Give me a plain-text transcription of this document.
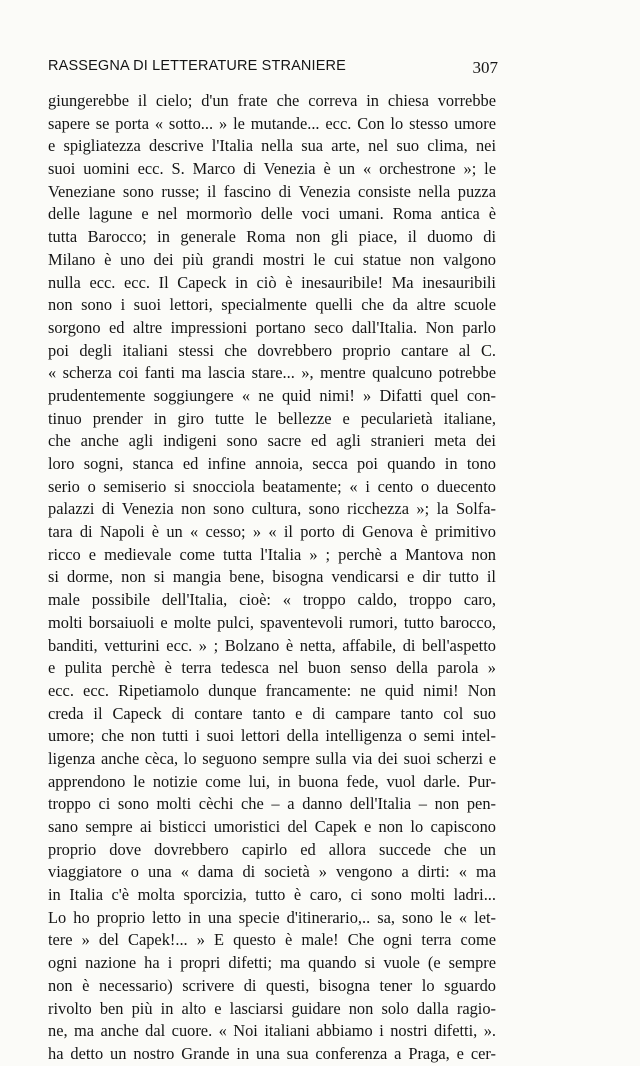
RASSEGNA DI LETTERATURE STRANIERE	307
giungerebbe il cielo; d'un frate che correva in chiesa vorrebbe
sapere se porta « sotto... » le mutande... ecc. Con lo stesso umore
e spigliatezza descrive l'Italia nella sua arte, nel suo clima, nei
suoi uomini ecc. S. Marco di Venezia è un « orchestrone »; le
Veneziane sono russe; il fascino di Venezia consiste nella puzza
delle lagune e nel mormorìo delle voci umani. Roma antica è
tutta Barocco; in generale Roma non gli piace, il duomo di
Milano è uno dei più grandi mostri le cui statue non valgono
nulla ecc. ecc. Il Capeck in ciò è inesauribile! Ma inesauribili
non sono i suoi lettori, specialmente quelli che da altre scuole
sorgono ed altre impressioni portano seco dall'Italia. Non parlo
poi degli italiani stessi che dovrebbero proprio cantare al C.
« scherza coi fanti ma lascia stare... », mentre qualcuno potrebbe
prudentemente soggiungere « ne quid nimi! » Difatti quel con-
tinuo prender in giro tutte le bellezze e pecularietà italiane,
che anche agli indigeni sono sacre ed agli stranieri meta dei
loro sogni, stanca ed infine annoia, secca poi quando in tono
serio o semiserio si snocciola beatamente; « i cento o duecento
palazzi di Venezia non sono cultura, sono ricchezza »; la Solfa-
tara di Napoli è un « cesso; » « il porto di Genova è primitivo
ricco e medievale come tutta l'Italia » ; perchè a Mantova non
si dorme, non si mangia bene, bisogna vendicarsi e dir tutto il
male possibile dell'Italia, cioè: « troppo caldo, troppo caro,
molti borsaiuoli e molte pulci, spaventevoli rumori, tutto barocco,
banditi, vetturini ecc. » ; Bolzano è netta, affabile, di bell'aspetto
e pulita perchè è terra tedesca nel buon senso della parola »
ecc. ecc. Ripetiamolo dunque francamente: ne quid nimi! Non
creda il Capeck di contare tanto e di campare tanto col suo
umore; che non tutti i suoi lettori della intelligenza o semi intel-
ligenza anche cèca, lo seguono sempre sulla via dei suoi scherzi e
apprendono le notizie come lui, in buona fede, vuol darle. Pur-
troppo ci sono molti cèchi che – a danno dell'Italia – non pen-
sano sempre ai bisticci umoristici del Capek e non lo capiscono
proprio dove dovrebbero capirlo ed allora succede che un
viaggiatore o una « dama di società » vengono a dirti: « ma
in Italia c'è molta sporcizia, tutto è caro, ci sono molti ladri...
Lo ho proprio letto in una specie d'itinerario,.. sa, sono le « let-
tere » del Capek!... » E questo è male! Che ogni terra come
ogni nazione ha i propri difetti; ma quando si vuole (e sempre
non è necessario) scrivere di questi, bisogna tener lo sguardo
rivolto ben più in alto e lasciarsi guidare non solo dalla ragio-
ne, ma anche dal cuore. « Noi italiani abbiamo i nostri difetti, ».
ha detto un nostro Grande in una sua conferenza a Praga, e cer-
